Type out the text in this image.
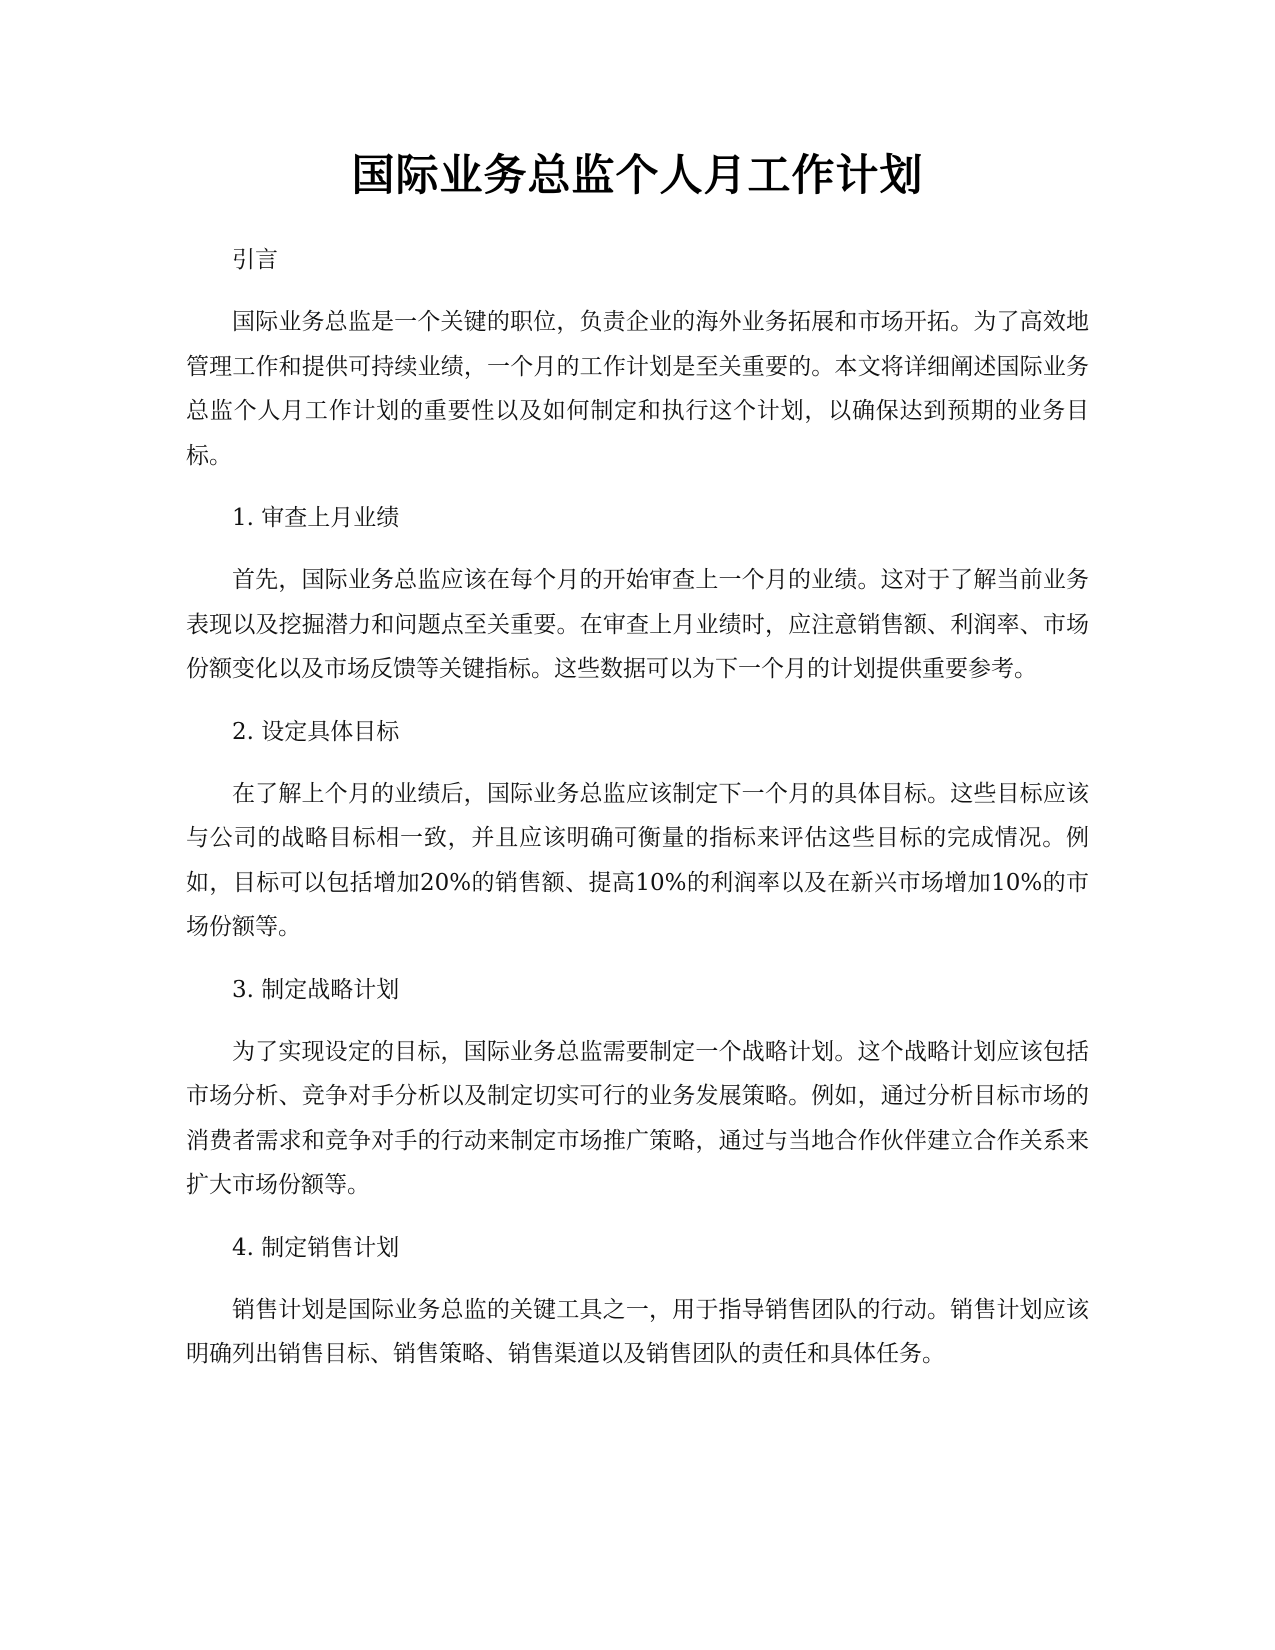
国际业务总监个人月工作计划

引言

国际业务总监是一个关键的职位，负责企业的海外业务拓展和市场开拓。为了高效地管理工作和提供可持续业绩，一个月的工作计划是至关重要的。本文将详细阐述国际业务总监个人月工作计划的重要性以及如何制定和执行这个计划，以确保达到预期的业务目标。

1. 审查上月业绩

首先，国际业务总监应该在每个月的开始审查上一个月的业绩。这对于了解当前业务表现以及挖掘潜力和问题点至关重要。在审查上月业绩时，应注意销售额、利润率、市场份额变化以及市场反馈等关键指标。这些数据可以为下一个月的计划提供重要参考。

2. 设定具体目标

在了解上个月的业绩后，国际业务总监应该制定下一个月的具体目标。这些目标应该与公司的战略目标相一致，并且应该明确可衡量的指标来评估这些目标的完成情况。例如，目标可以包括增加20%的销售额、提高10%的利润率以及在新兴市场增加10%的市场份额等。

3. 制定战略计划

为了实现设定的目标，国际业务总监需要制定一个战略计划。这个战略计划应该包括市场分析、竞争对手分析以及制定切实可行的业务发展策略。例如，通过分析目标市场的消费者需求和竞争对手的行动来制定市场推广策略，通过与当地合作伙伴建立合作关系来扩大市场份额等。

4. 制定销售计划

销售计划是国际业务总监的关键工具之一，用于指导销售团队的行动。销售计划应该明确列出销售目标、销售策略、销售渠道以及销售团队的责任和具体任务。
